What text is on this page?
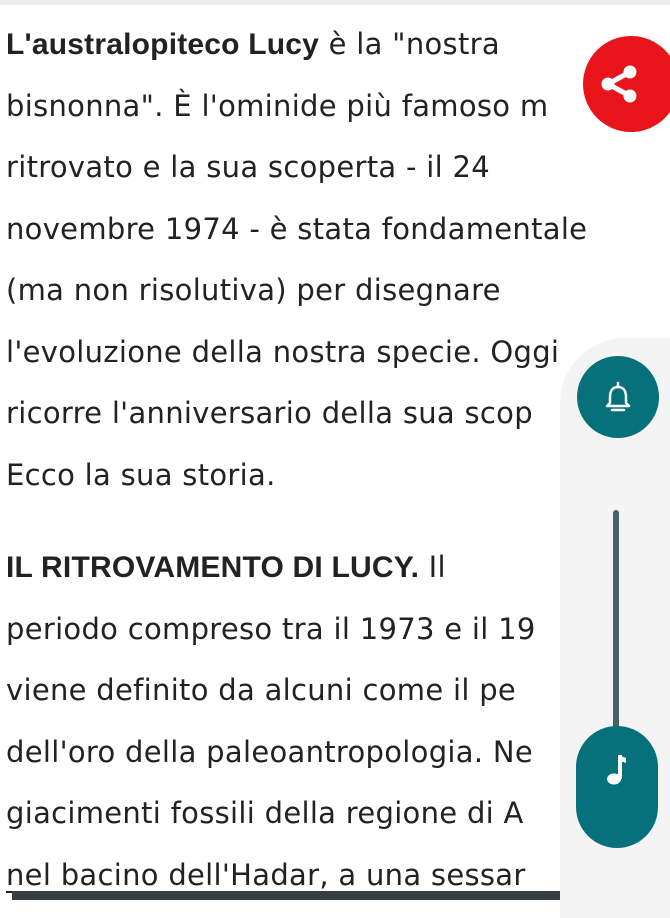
L'australopiteco Lucy è la "nostra
bisnonna". È l'ominide più famoso m
ritrovato e la sua scoperta - il 24
novembre 1974 - è stata fondamentale
(ma non risolutiva) per disegnare
l'evoluzione della nostra specie. Oggi
ricorre l'anniversario della sua scop
Ecco la sua storia.
IL RITROVAMENTO DI LUCY. Il
periodo compreso tra il 1973 e il 19
viene definito da alcuni come il pe
dell'oro della paleoantropologia. Ne
giacimenti fossili della regione di A
nel bacino dell'Hadar, a una sessar
